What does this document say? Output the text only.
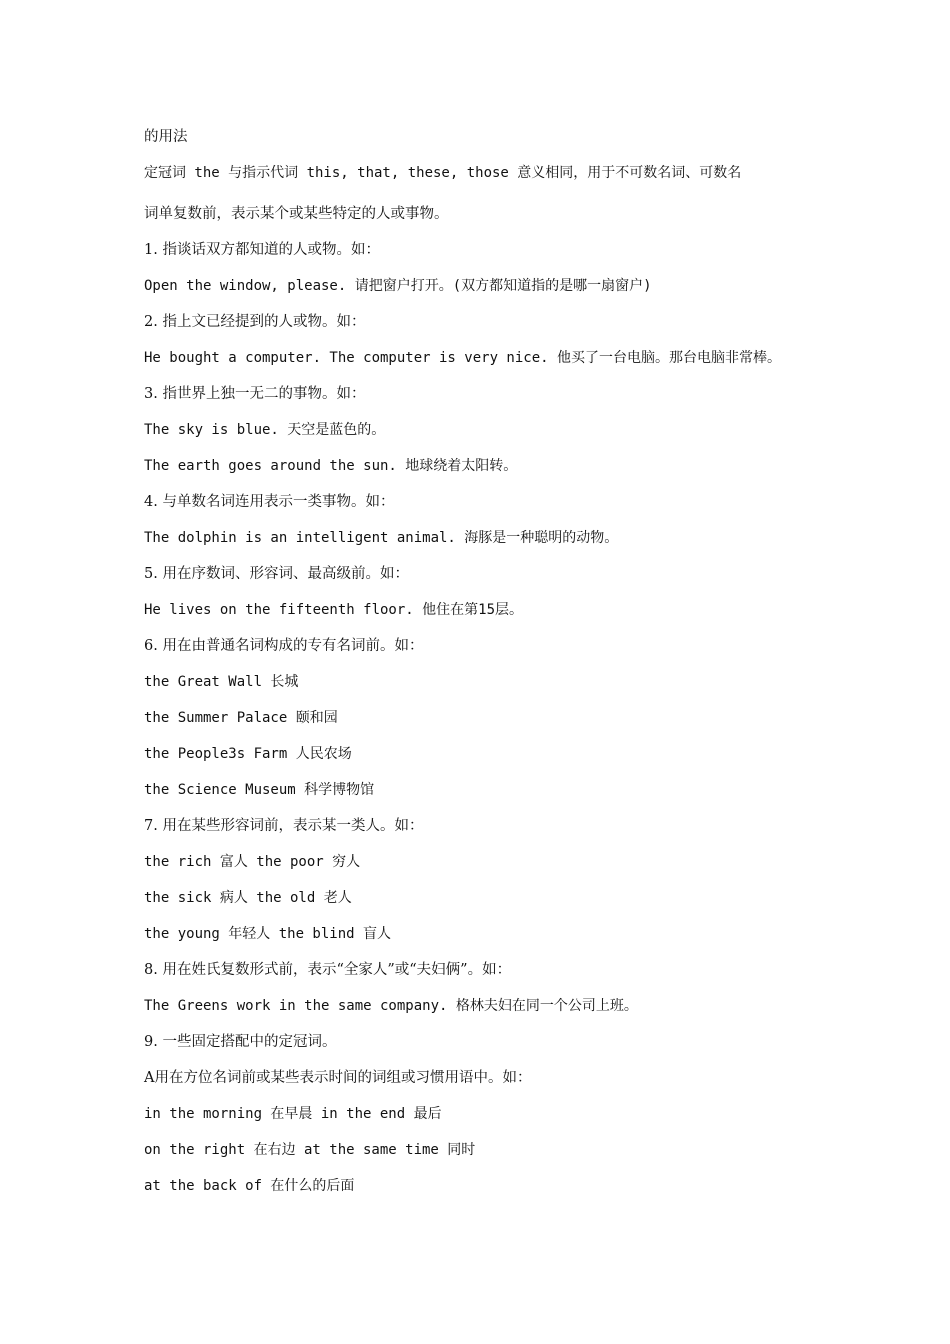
的用法
定冠词 the 与指示代词 this, that, these, those 意义相同，用于不可数名词、可数名
词单复数前，表示某个或某些特定的人或事物。
1. 指谈话双方都知道的人或物。如：
Open the window, please. 请把窗户打开。(双方都知道指的是哪一扇窗户)
2. 指上文已经提到的人或物。如：
He bought a computer. The computer is very nice. 他买了一台电脑。那台电脑非常棒。
3. 指世界上独一无二的事物。如：
The sky is blue. 天空是蓝色的。
The earth goes around the sun. 地球绕着太阳转。
4. 与单数名词连用表示一类事物。如：
The dolphin is an intelligent animal. 海豚是一种聪明的动物。
5. 用在序数词、形容词、最高级前。如：
He lives on the fifteenth floor. 他住在第15层。
6. 用在由普通名词构成的专有名词前。如：
the Great Wall 长城
the Summer Palace 颐和园
the People3s Farm 人民农场
the Science Museum 科学博物馆
7. 用在某些形容词前，表示某一类人。如：
the rich 富人 the poor 穷人
the sick 病人 the old 老人
the young 年轻人 the blind 盲人
8. 用在姓氏复数形式前，表示“全家人”或“夫妇俩”。如：
The Greens work in the same company. 格林夫妇在同一个公司上班。
9. 一些固定搭配中的定冠词。
A用在方位名词前或某些表示时间的词组或习惯用语中。如：
in the morning 在早晨 in the end 最后
on the right 在右边 at the same time 同时
at the back of 在什么的后面
